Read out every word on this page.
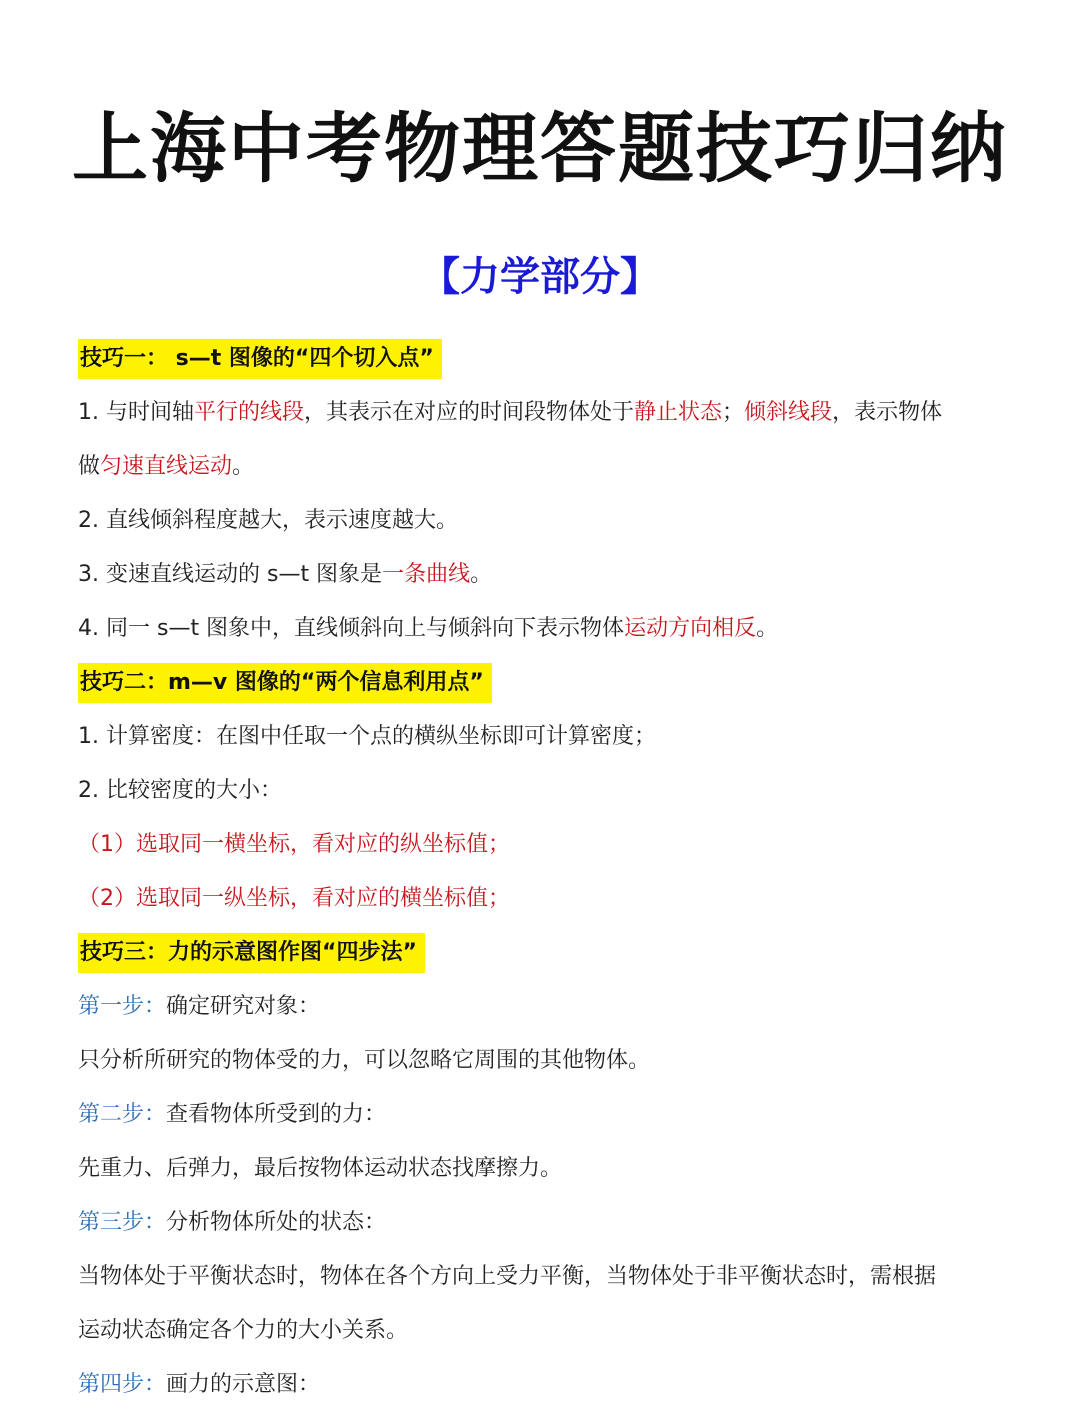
上海中考物理答题技巧归纳
【力学部分】

技巧一： s—t 图像的“四个切入点”

1. 与时间轴平行的线段，其表示在对应的时间段物体处于静止状态；倾斜线段，表示物体

做匀速直线运动。

2. 直线倾斜程度越大，表示速度越大。

3. 变速直线运动的 s—t 图象是一条曲线。

4. 同一 s—t 图象中，直线倾斜向上与倾斜向下表示物体运动方向相反。

技巧二：m—v 图像的“两个信息利用点”

1. 计算密度：在图中任取一个点的横纵坐标即可计算密度；

2. 比较密度的大小：

（1）选取同一横坐标，看对应的纵坐标值；

（2）选取同一纵坐标，看对应的横坐标值；

技巧三：力的示意图作图“四步法”

第一步：确定研究对象：

只分析所研究的物体受的力，可以忽略它周围的其他物体。

第二步：查看物体所受到的力：

先重力、后弹力，最后按物体运动状态找摩擦力。

第三步：分析物体所处的状态：

当物体处于平衡状态时，物体在各个方向上受力平衡，当物体处于非平衡状态时，需根据

运动状态确定各个力的大小关系。

第四步：画力的示意图：
